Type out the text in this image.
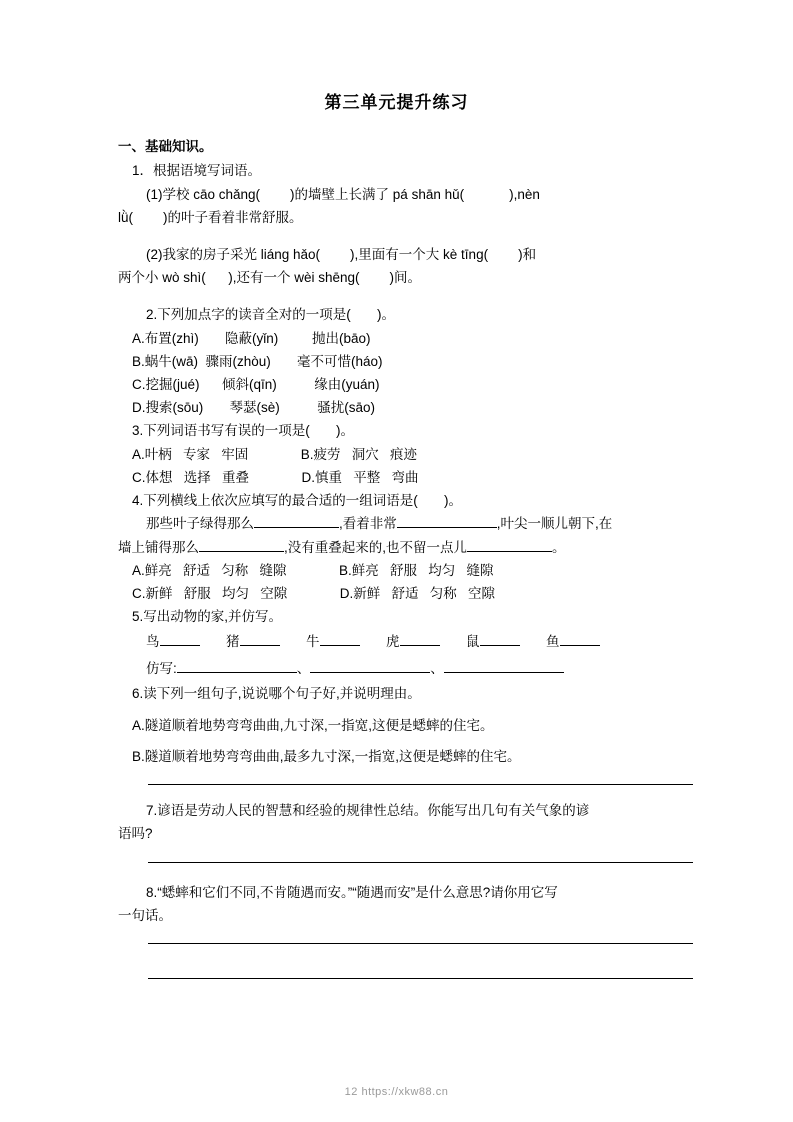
第三单元提升练习
一、基础知识。
1．根据语境写词语。
(1)学校 cāo chǎng(        )的墙壁上长满了 pá shān hǔ(            ),nèn
lǜ(        )的叶子看着非常舒服。
(2)我家的房子采光 liáng hǎo(        ),里面有一个大 kè tīng(        )和
两个小 wò shì(      ),还有一个 wèi shēng(        )间。
2.下列加点字的读音全对的一项是(       )。
A.布置(zhì)       隐蔽(yǐn)         抛出(bāo)
B.蜗牛(wā)  骤雨(zhòu)       毫不可惜(háo)
C.挖掘(jué)      倾斜(qīn)          缘由(yuán)
D.搜索(sōu)       琴瑟(sè)          骚扰(sāo)
3.下列词语书写有误的一项是(       )。
A.叶柄   专家   牢固              B.疲劳   洞穴   痕迹
C.体想   选择   重叠              D.慎重   平整   弯曲
4.下列横线上依次应填写的最合适的一组词语是(       )。
那些叶子绿得那么	,看着非常	,叶尖一顺儿朝下,在
墙上铺得那么	,没有重叠起来的,也不留一点儿	。
A.鲜亮   舒适   匀称   缝隙              B.鲜亮   舒服   均匀   缝隙
C.新鲜   舒服   均匀   空隙              D.新鲜   舒适   匀称   空隙
5.写出动物的家,并仿写。
鸟	猪	牛	虎	鼠	鱼
仿写:	、	、
6.读下列一组句子,说说哪个句子好,并说明理由。
A.隧道顺着地势弯弯曲曲,九寸深,一指宽,这便是蟋蟀的住宅。
B.隧道顺着地势弯弯曲曲,最多九寸深,一指宽,这便是蟋蟀的住宅。
7.谚语是劳动人民的智慧和经验的规律性总结。你能写出几句有关气象的谚
语吗?
8.“蟋蟀和它们不同,不肯随遇而安。”“随遇而安”是什么意思?请你用它写
一句话。
12 https://xkw88.cn
